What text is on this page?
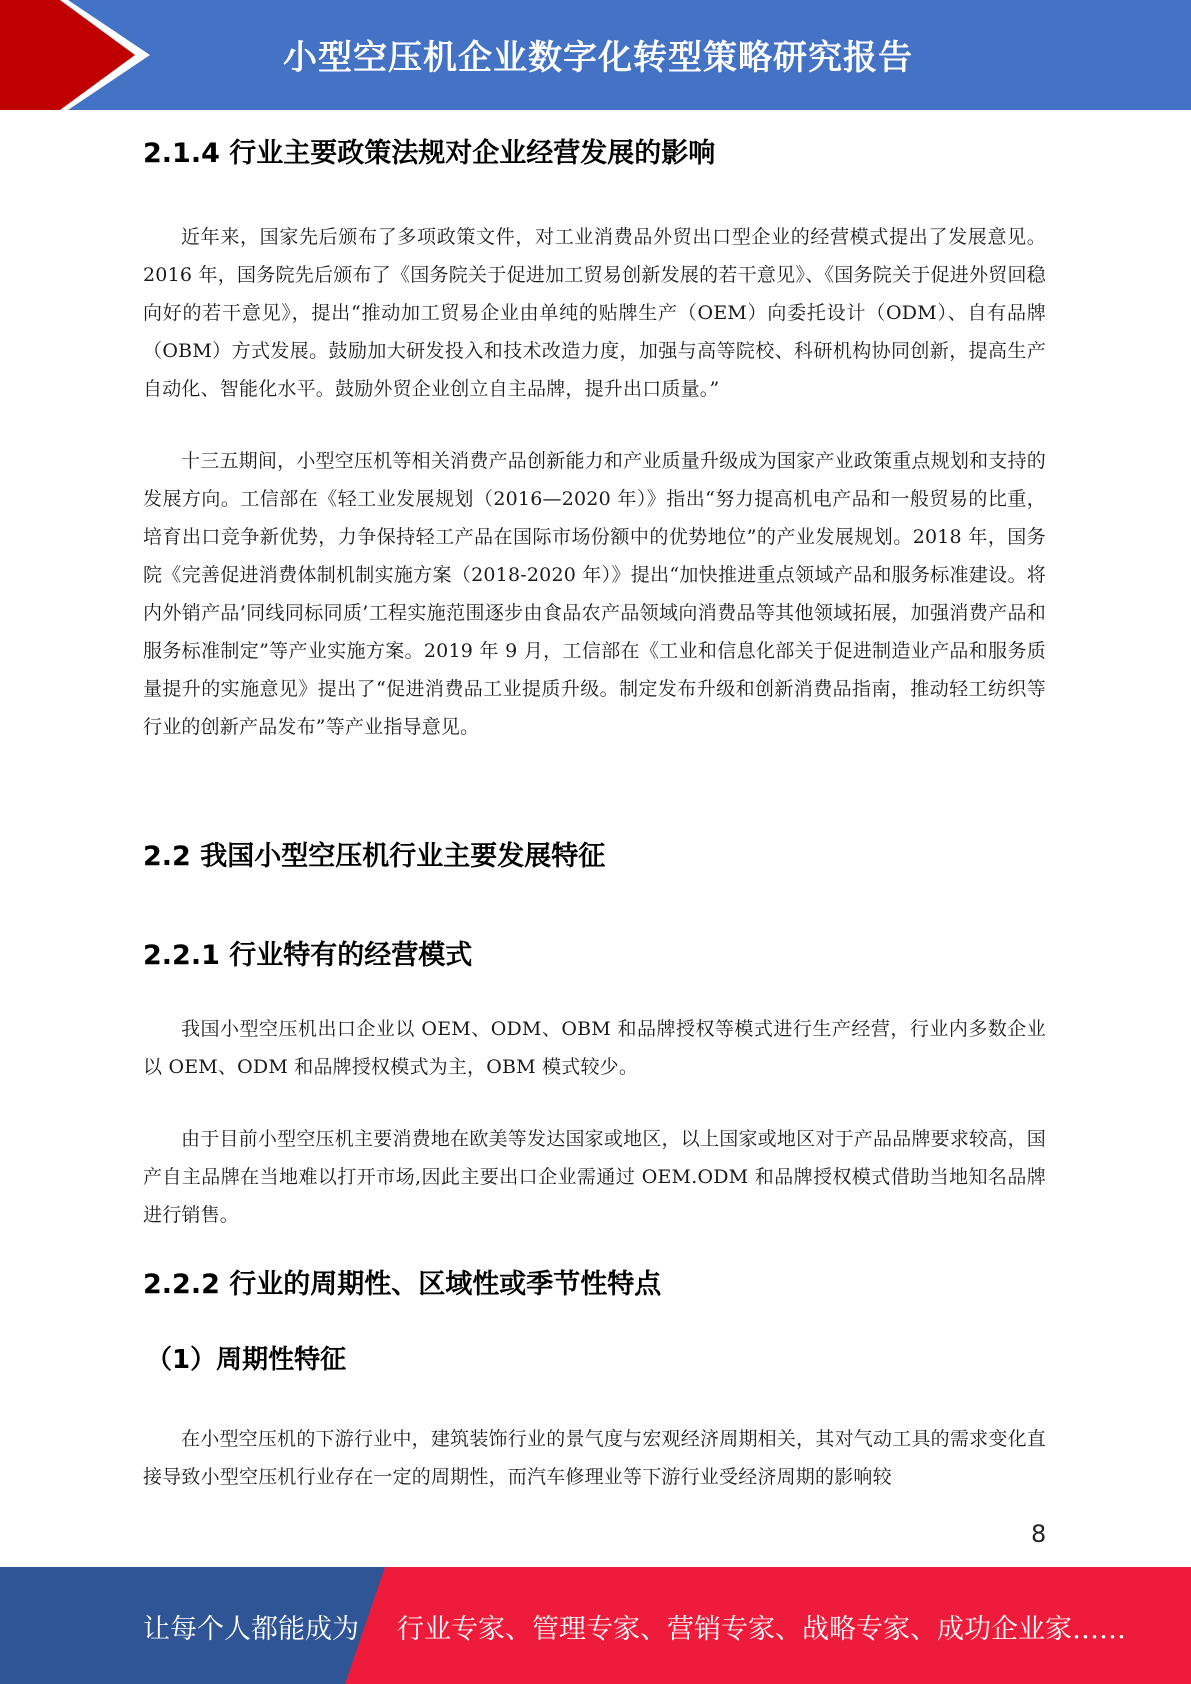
小型空压机企业数字化转型策略研究报告
2.1.4 行业主要政策法规对企业经营发展的影响

近年来，国家先后颁布了多项政策文件，对工业消费品外贸出口型企业的经营模式提出了发展意见。2016 年，国务院先后颁布了《国务院关于促进加工贸易创新发展的若干意见》、《国务院关于促进外贸回稳向好的若干意见》，提出“推动加工贸易企业由单纯的贴牌生产（OEM）向委托设计（ODM）、自有品牌（OBM）方式发展。鼓励加大研发投入和技术改造力度，加强与高等院校、科研机构协同创新，提高生产自动化、智能化水平。鼓励外贸企业创立自主品牌，提升出口质量。”

十三五期间，小型空压机等相关消费产品创新能力和产业质量升级成为国家产业政策重点规划和支持的发展方向。工信部在《轻工业发展规划（2016—2020 年）》指出“努力提高机电产品和一般贸易的比重，培育出口竞争新优势，力争保持轻工产品在国际市场份额中的优势地位”的产业发展规划。2018 年，国务院《完善促进消费体制机制实施方案（2018-2020 年）》提出“加快推进重点领域产品和服务标准建设。将内外销产品’同线同标同质’工程实施范围逐步由食品农产品领域向消费品等其他领域拓展，加强消费产品和服务标准制定”等产业实施方案。2019 年 9 月，工信部在《工业和信息化部关于促进制造业产品和服务质量提升的实施意见》提出了“促进消费品工业提质升级。制定发布升级和创新消费品指南，推动轻工纺织等行业的创新产品发布”等产业指导意见。

2.2 我国小型空压机行业主要发展特征
2.2.1 行业特有的经营模式

我国小型空压机出口企业以 OEM、ODM、OBM 和品牌授权等模式进行生产经营，行业内多数企业以 OEM、ODM 和品牌授权模式为主，OBM 模式较少。

由于目前小型空压机主要消费地在欧美等发达国家或地区，以上国家或地区对于产品品牌要求较高，国产自主品牌在当地难以打开市场,因此主要出口企业需通过 OEM.ODM 和品牌授权模式借助当地知名品牌进行销售。

2.2.2 行业的周期性、区域性或季节性特点
（1）周期性特征

在小型空压机的下游行业中，建筑装饰行业的景气度与宏观经济周期相关，其对气动工具的需求变化直接导致小型空压机行业存在一定的周期性，而汽车修理业等下游行业受经济周期的影响较

8
让每个人都能成为 行业专家、管理专家、营销专家、战略专家、成功企业家……
